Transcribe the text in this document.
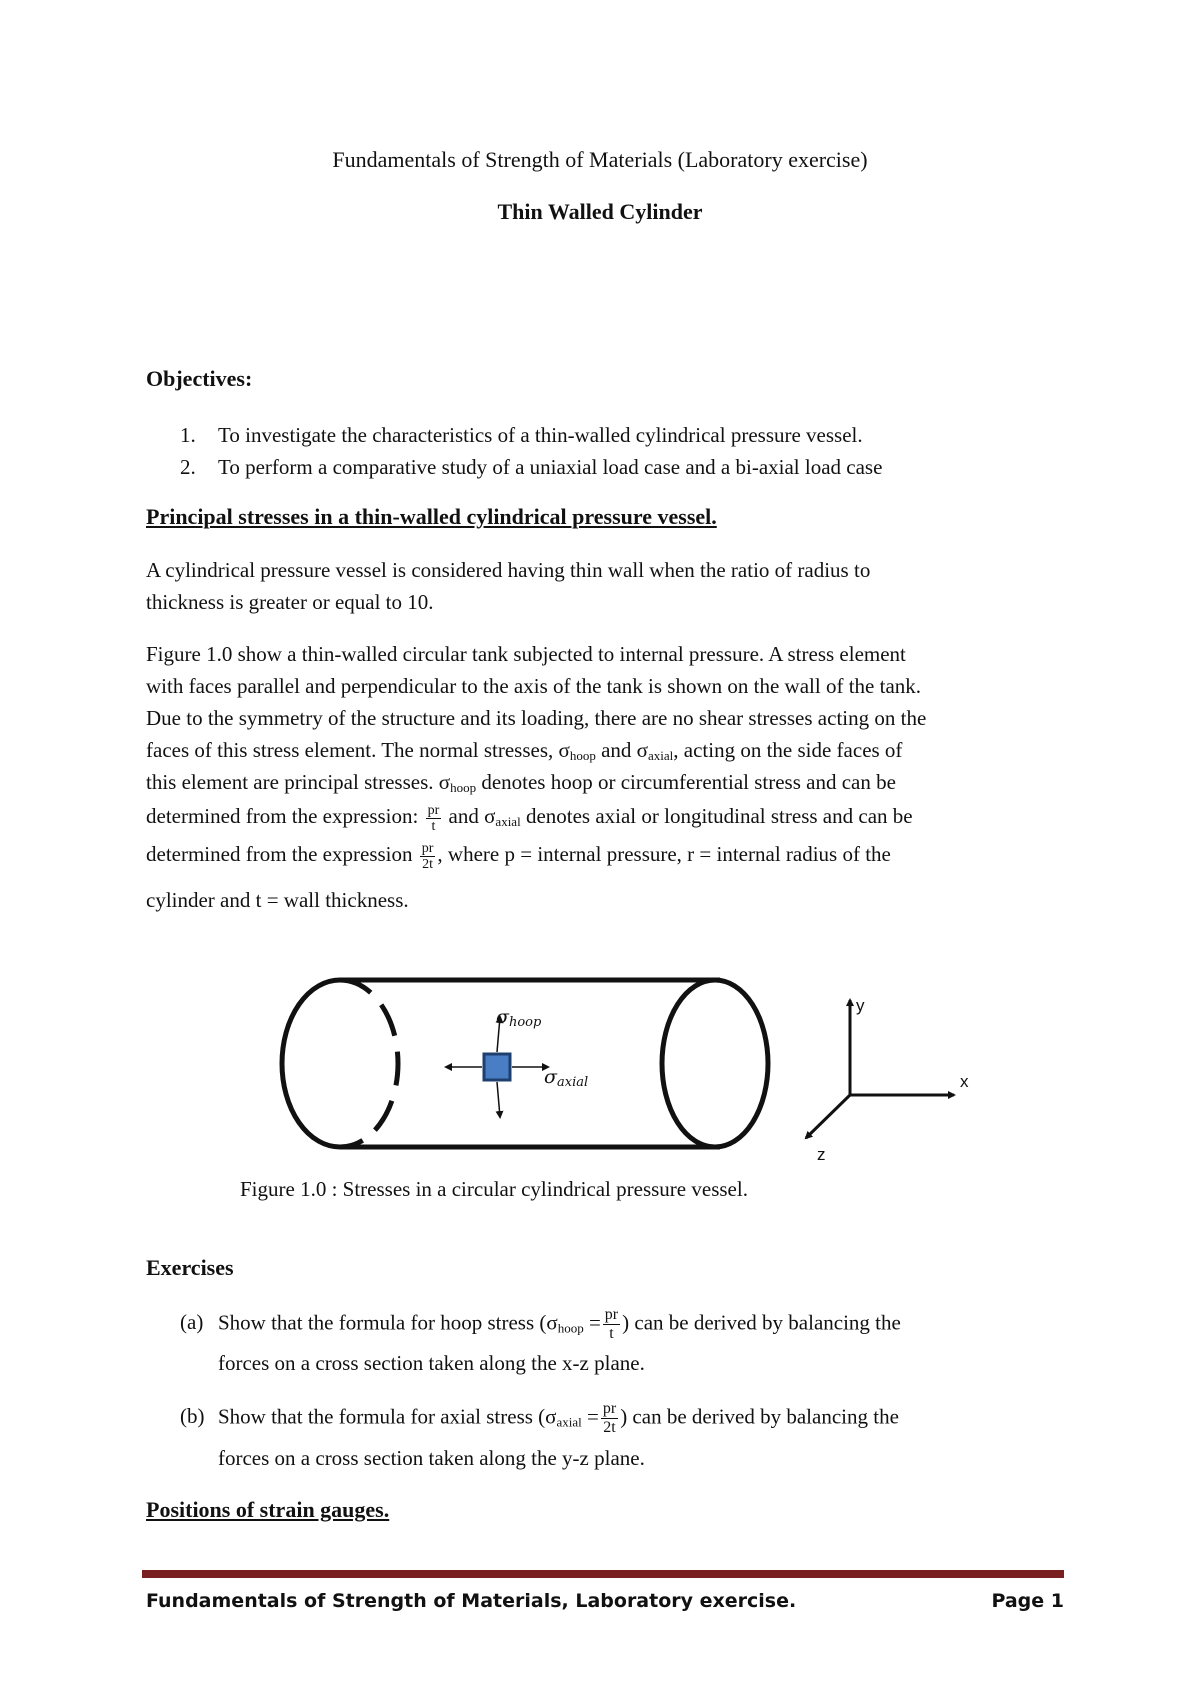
Fundamentals of Strength of Materials (Laboratory exercise)
Thin Walled Cylinder
Objectives:
1. To investigate the characteristics of a thin-walled cylindrical pressure vessel.
2. To perform a comparative study of a uniaxial load case and a bi-axial load case
Principal stresses in a thin-walled cylindrical pressure vessel.
A cylindrical pressure vessel is considered having thin wall when the ratio of radius to
thickness is greater or equal to 10.
Figure 1.0 show a thin-walled circular tank subjected to internal pressure. A stress element
with faces parallel and perpendicular to the axis of the tank is shown on the wall of the tank.
Due to the symmetry of the structure and its loading, there are no shear stresses acting on the
faces of this stress element. The normal stresses, $\sigma_{hoop}$ and $\sigma_{axial}$, acting on the side faces of
this element are principal stresses. $\sigma_{hoop}$ denotes hoop or circumferential stress and can be
determined from the expression: $\frac{pr}{t}$ and $\sigma_{axial}$ denotes axial or longitudinal stress and can be
determined from the expression $\frac{pr}{2t}$ , where p = internal pressure, r = internal radius of the
cylinder and t = wall thickness.
σhoop
σaxial
y
x
z
Figure 1.0 : Stresses in a circular cylindrical pressure vessel.
Exercises
(a) Show that the formula for hoop stress ($\sigma_{hoop} = \frac{pr}{t}$ ) can be derived by balancing the
forces on a cross section taken along the x-z plane.
(b) Show that the formula for axial stress ($\sigma_{axial} = \frac{pr}{2t}$ ) can be derived by balancing the
forces on a cross section taken along the y-z plane.
Positions of strain gauges.
Fundamentals of Strength of Materials, Laboratory exercise.	Page 1
